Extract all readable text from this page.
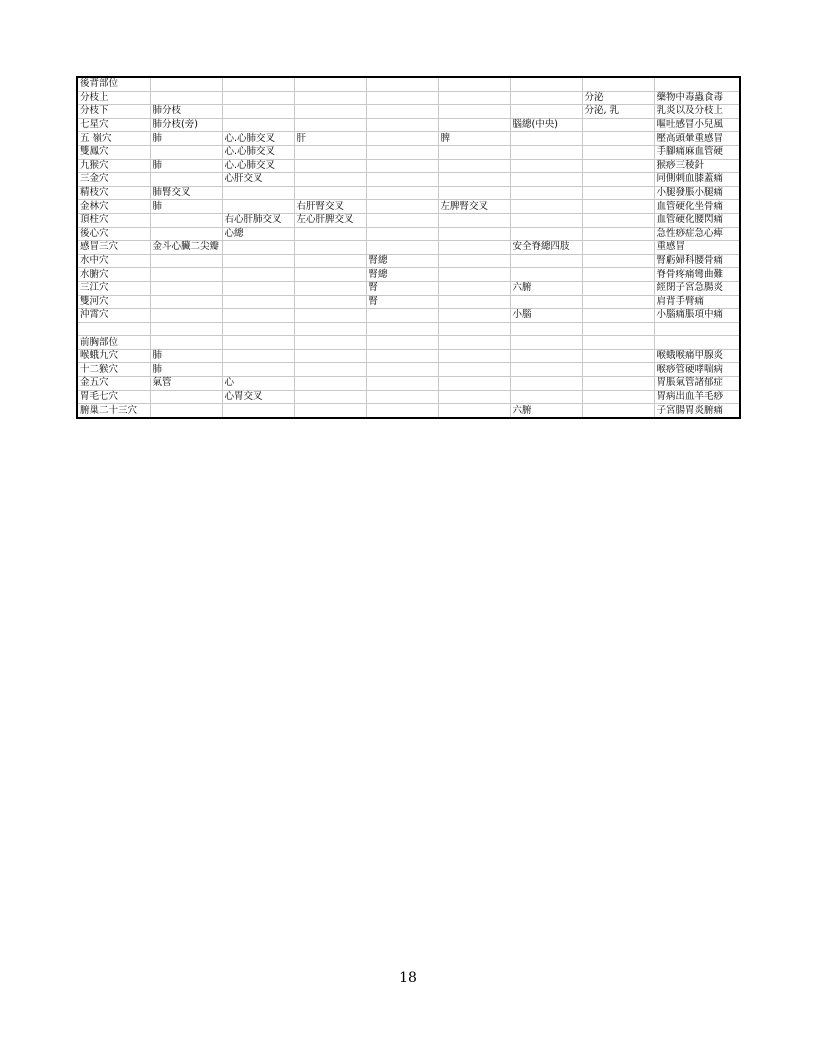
後背部位								
分枝上							分泌	藥物中毒蟲食毒
分枝下	肺分枝						分泌, 乳	乳炎以及分枝上
七星穴	肺分枝(旁)					腦總(中央)		嘔吐感冒小兒風
五 嶺穴	肺	心.心肺交叉	肝		脾			壓高頭暈重感冒
雙鳳穴		心.心肺交叉						手腳痛麻血管硬
九猴穴	肺	心.心肺交叉						猴痧三稜針
三金穴		心肝交叉						同側刺血膝蓋痛
精枝穴	肺腎交叉							小腿發脹小腿痛
金林穴	肺		右肝腎交叉		左脾腎交叉			血管硬化坐骨痛
頂柱穴		右心肝肺交叉	左心肝脾交叉					血管硬化腰閃痛
後心穴		心總						急性痧症急心痺
感冒三穴	金斗心臟二尖瓣					安全脊總四肢		重感冒
水中穴				腎總				腎虧婦科腰骨痛
水腑穴				腎總				脊骨疼痛彎曲難
三江穴				腎		六腑		經閉子宮急腸炎
雙河穴				腎				肩背手臂痛
沖霄穴						小腦		小腦痛脹項中痛

前胸部位								
喉蛾九穴	肺							喉蛾喉痛甲腺炎
十二猴穴	肺							喉痧管硬哮喘病
金五穴	氣管	心						胃脹氣管諸郁症
胃毛七穴		心胃交叉						胃病出血羊毛痧
腑巢二十三穴						六腑		子宮腸胃炎腑痛
18
